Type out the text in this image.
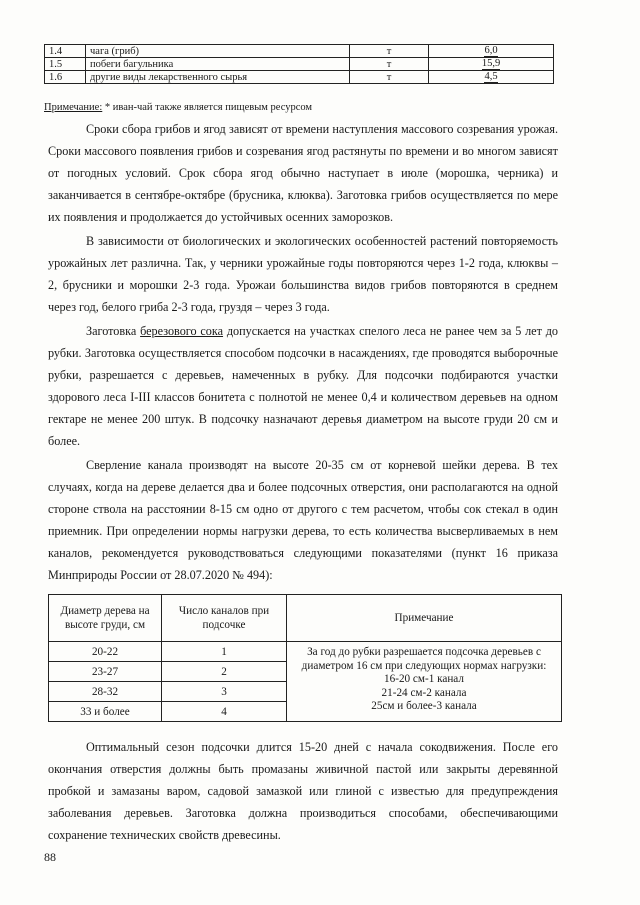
1.4	чага (гриб)	т	6,0
1.5	побеги багульника	т	15,9
1.6	другие виды лекарственного сырья	т	4,5
Примечание: * иван-чай также является пищевым ресурсом

Сроки сбора грибов и ягод зависят от времени наступления массового созревания урожая. Сроки массового появления грибов и созревания ягод растянуты по времени и во многом зависят от погодных условий. Срок сбора ягод обычно наступает в июле (морошка, черника) и заканчивается в сентябре-октябре (брусника, клюква). Заготовка грибов осуществляется по мере их появления и продолжается до устойчивых осенних заморозков.

В зависимости от биологических и экологических особенностей растений повторяемость урожайных лет различна. Так, у черники урожайные годы повторяются через 1-2 года, клюквы – 2, брусники и морошки 2-3 года. Урожаи большинства видов грибов повторяются в среднем через год, белого гриба 2-3 года, груздя – через 3 года.

Заготовка березового сока допускается на участках спелого леса не ранее чем за 5 лет до рубки. Заготовка осуществляется способом подсочки в насаждениях, где проводятся выборочные рубки, разрешается с деревьев, намеченных в рубку. Для подсочки подбираются участки здорового леса I-III классов бонитета с полнотой не менее 0,4 и количеством деревьев на одном гектаре не менее 200 штук. В подсочку назначают деревья диаметром на высоте груди 20 см и более.

Сверление канала производят на высоте 20-35 см от корневой шейки дерева. В тех случаях, когда на дереве делается два и более подсочных отверстия, они располагаются на одной стороне ствола на расстоянии 8-15 см одно от другого с тем расчетом, чтобы сок стекал в один приемник. При определении нормы нагрузки дерева, то есть количества высверливаемых в нем каналов, рекомендуется руководствоваться следующими показателями (пункт 16 приказа Минприроды России от 28.07.2020 № 494):

Диаметр дерева на высоте груди, см	Число каналов при подсочке	Примечание
20-22	1	За год до рубки разрешается подсочка деревьев с
диаметром 16 см при следующих нормах нагрузки:
16-20 см-1 канал
21-24 см-2 канала
25см и более-3 канала

23-27	2	
28-32	3	
33 и более	4	

Оптимальный сезон подсочки длится 15-20 дней с начала сокодвижения. После его окончания отверстия должны быть промазаны живичной пастой или закрыты деревянной пробкой и замазаны варом, садовой замазкой или глиной с известью для предупреждения заболевания деревьев. Заготовка должна производиться способами, обеспечивающими сохранение технических свойств древесины.

88
